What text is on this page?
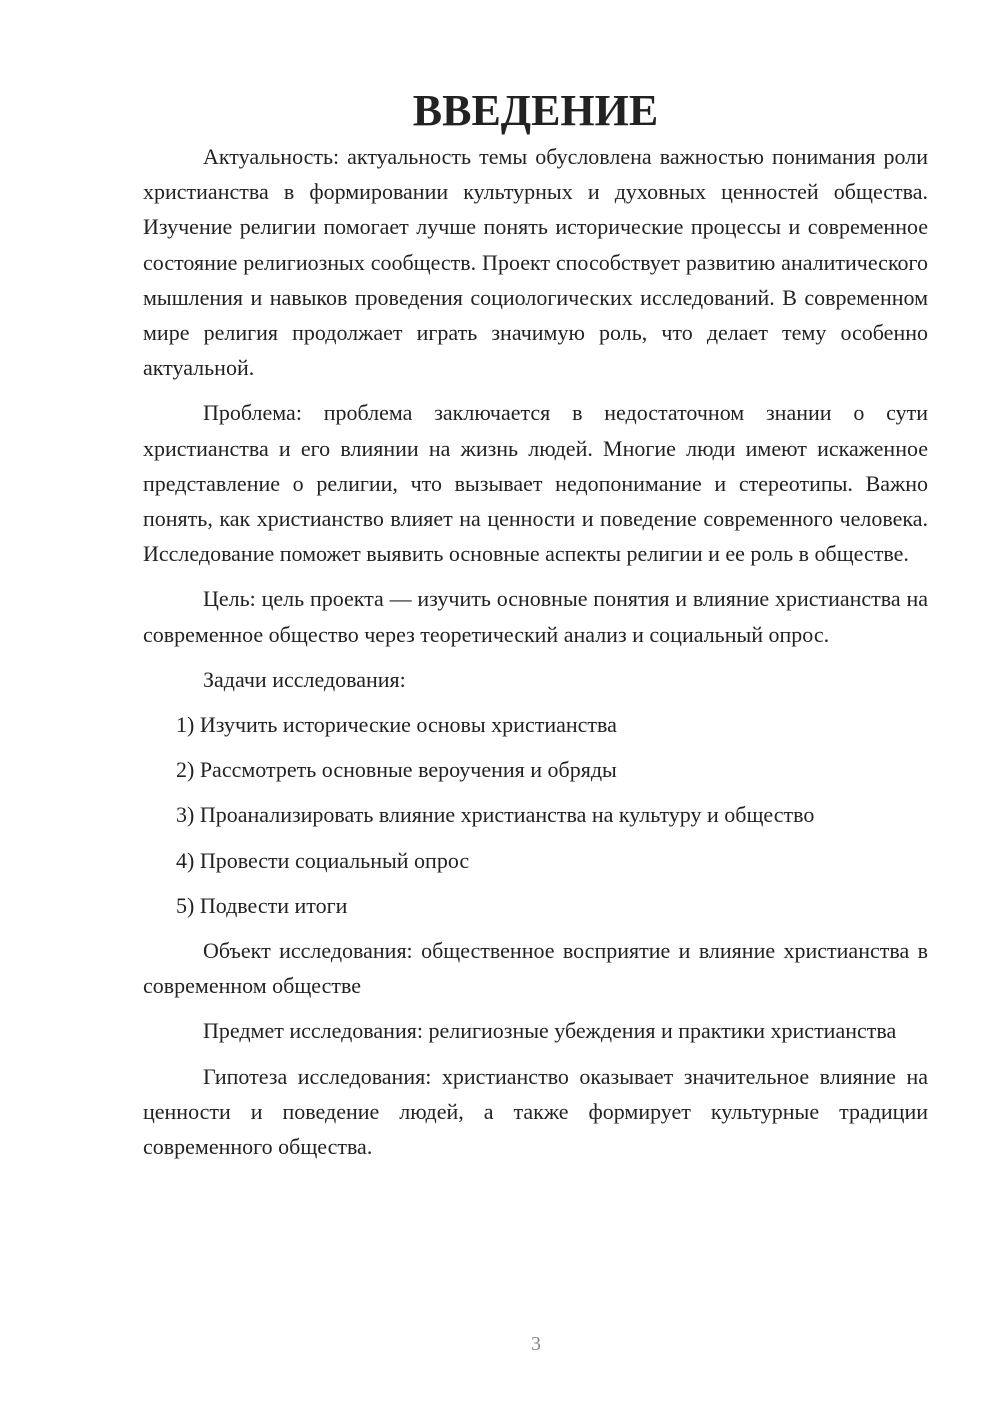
ВВЕДЕНИЕ

Актуальность: актуальность темы обусловлена важностью понимания роли христианства в формировании культурных и духовных ценностей общества. Изучение религии помогает лучше понять исторические процессы и современное состояние религиозных сообществ. Проект способствует развитию аналитического мышления и навыков проведения социологических исследований. В современном мире религия продолжает играть значимую роль, что делает тему особенно актуальной.

Проблема: проблема заключается в недостаточном знании о сути христианства и его влиянии на жизнь людей. Многие люди имеют искаженное представление о религии, что вызывает недопонимание и стереотипы. Важно понять, как христианство влияет на ценности и поведение современного человека. Исследование поможет выявить основные аспекты религии и ее роль в обществе.

Цель: цель проекта — изучить основные понятия и влияние христианства на современное общество через теоретический анализ и социальный опрос.

Задачи исследования:

1) Изучить исторические основы христианства
2) Рассмотреть основные вероучения и обряды
3) Проанализировать влияние христианства на культуру и общество
4) Провести социальный опрос
5) Подвести итоги

Объект исследования: общественное восприятие и влияние христианства в современном обществе

Предмет исследования: религиозные убеждения и практики христианства

Гипотеза исследования: христианство оказывает значительное влияние на ценности и поведение людей, а также формирует культурные традиции современного общества.

3
